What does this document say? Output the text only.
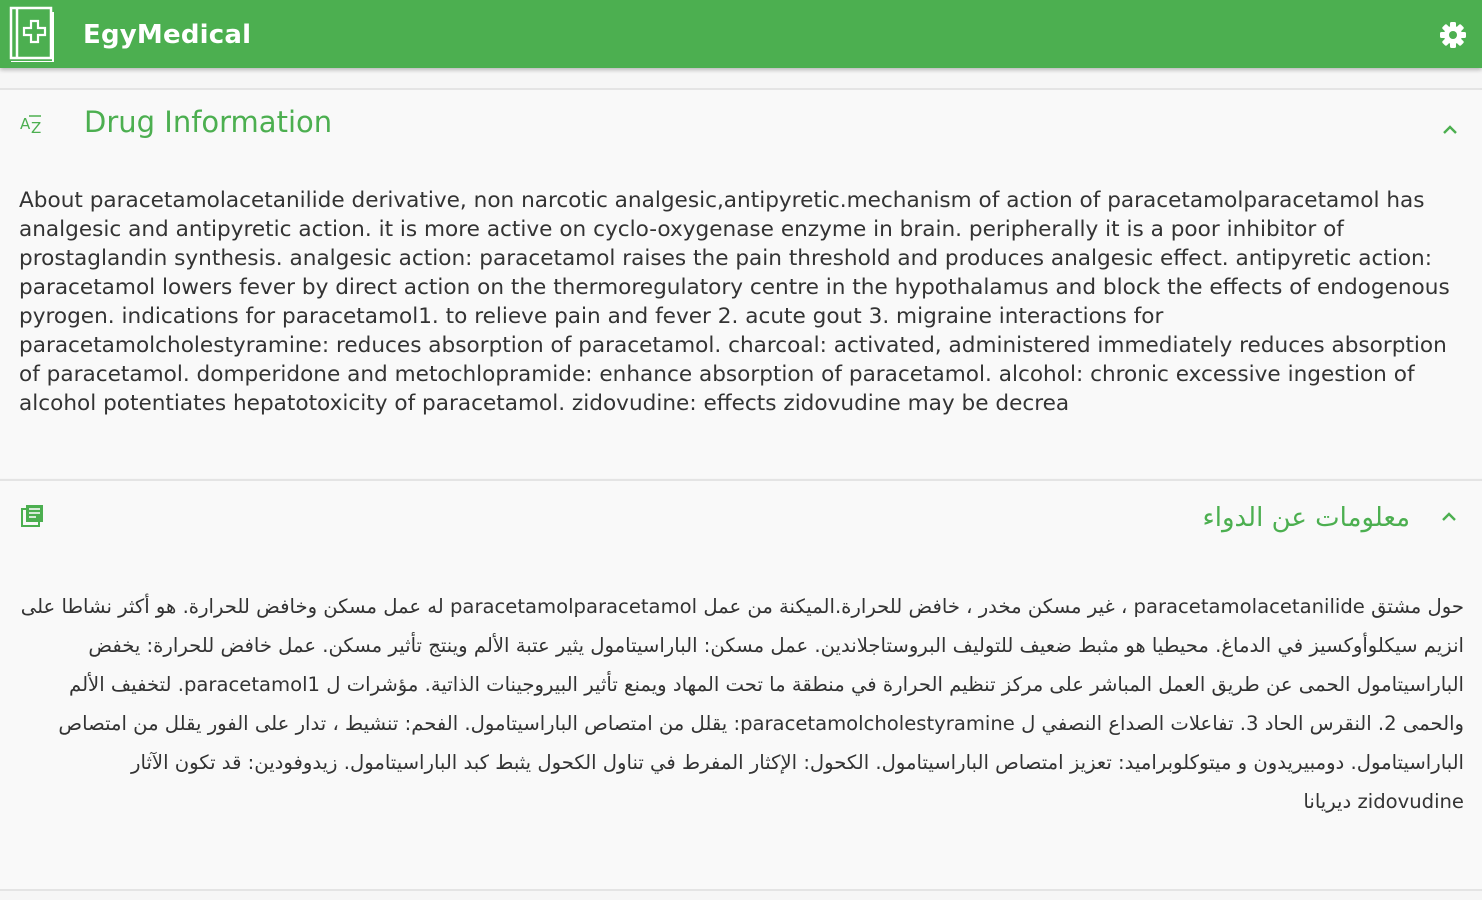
EgyMedical
A Z Drug Information

About paracetamolacetanilide derivative, non narcotic analgesic,antipyretic.mechanism of action of paracetamolparacetamol has analgesic and antipyretic action. it is more active on cyclo-oxygenase enzyme in brain. peripherally it is a poor inhibitor of prostaglandin synthesis. analgesic action: paracetamol raises the pain threshold and produces analgesic effect. antipyretic action: paracetamol lowers fever by direct action on the thermoregulatory centre in the hypothalamus and block the effects of endogenous pyrogen. indications for paracetamol1. to relieve pain and fever 2. acute gout 3. migraine interactions for paracetamolcholestyramine: reduces absorption of paracetamol. charcoal: activated, administered immediately reduces absorption of paracetamol. domperidone and metochlopramide: enhance absorption of paracetamol. alcohol: chronic excessive ingestion of alcohol potentiates hepatotoxicity of paracetamol. zidovudine: effects zidovudine may be decrea

معلومات عن الدواء

حول مشتق paracetamolacetanilide ، غير مسكن مخدر ، خافض للحرارة.الميكنة من عمل paracetamolparacetamol له عمل مسكن وخافض للحرارة. هو أكثر نشاطا على انزيم سيكلوأوكسيز في الدماغ. محيطيا هو مثبط ضعيف للتوليف البروستاجلاندين. عمل مسكن: الباراسيتامول يثير عتبة الألم وينتج تأثير مسكن. عمل خافض للحرارة: يخفض الباراسيتامول الحمى عن طريق العمل المباشر على مركز تنظيم الحرارة في منطقة ما تحت المهاد ويمنع تأثير البيروجينات الذاتية. مؤشرات ل paracetamol1. لتخفيف الألم والحمى 2. النقرس الحاد 3. تفاعلات الصداع النصفي ل paracetamolcholestyramine: يقلل من امتصاص الباراسيتامول. الفحم: تنشيط ، تدار على الفور يقلل من امتصاص الباراسيتامول. دومبيريدون و ميتوكلوبراميد: تعزيز امتصاص الباراسيتامول. الكحول: الإكثار المفرط في تناول الكحول يثبط كبد الباراسيتامول. زيدوفودين: قد تكون الآثار zidovudine ديريانا
